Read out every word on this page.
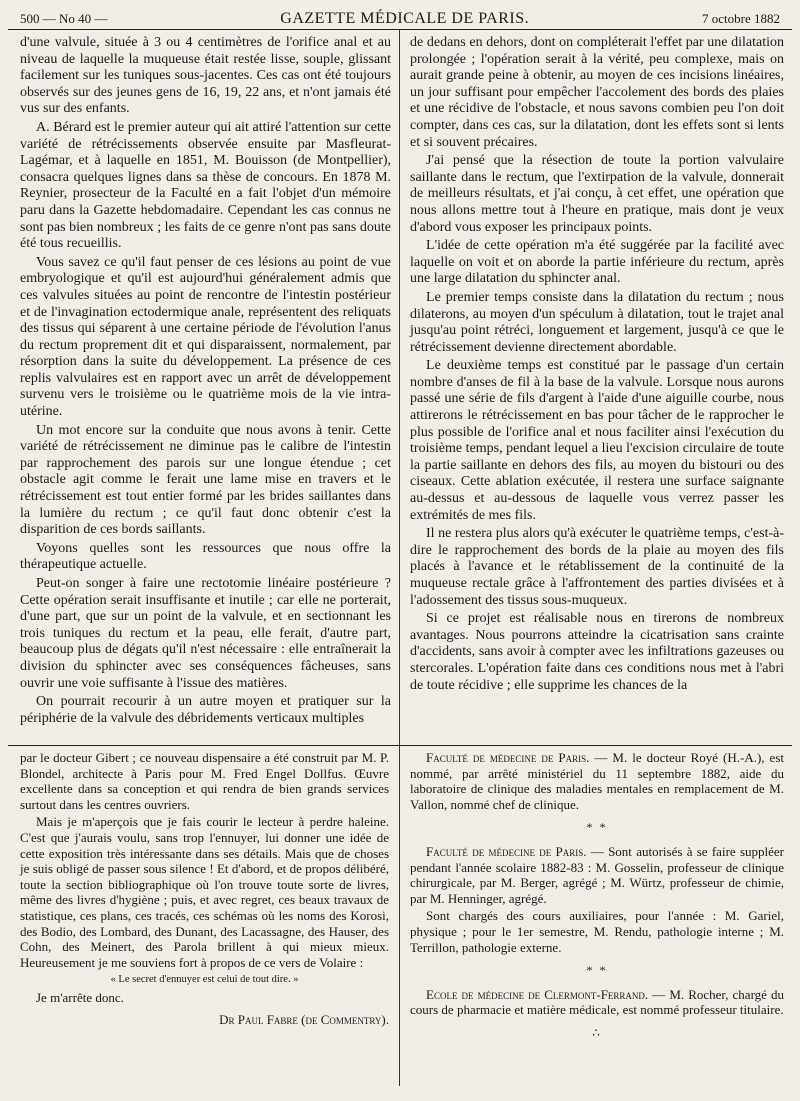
500 — No 40 —	GAZETTE MÉDICALE DE PARIS.	7 octobre 1882

d'une valvule, située à 3 ou 4 centimètres de l'orifice anal et au niveau de laquelle la muqueuse était restée lisse, souple, glissant facilement sur les tuniques sous-jacentes. Ces cas ont été toujours observés sur des jeunes gens de 16, 19, 22 ans, et n'ont jamais été vus sur des enfants.

A. Bérard est le premier auteur qui ait attiré l'attention sur cette variété de rétrécissements observée ensuite par Masfleurat-Lagémar, et à laquelle en 1851, M. Bouisson (de Montpellier), consacra quelques lignes dans sa thèse de concours. En 1878 M. Reynier, prosecteur de la Faculté en a fait l'objet d'un mémoire paru dans la Gazette hebdomadaire. Cependant les cas connus ne sont pas bien nombreux ; les faits de ce genre n'ont pas sans doute été tous recueillis.

Vous savez ce qu'il faut penser de ces lésions au point de vue embryologique et qu'il est aujourd'hui généralement admis que ces valvules situées au point de rencontre de l'intestin postérieur et de l'invagination ectodermique anale, représentent des reliquats des tissus qui séparent à une certaine période de l'évolution l'anus du rectum proprement dit et qui disparaissent, normalement, par résorption dans la suite du développement. La présence de ces replis valvulaires est en rapport avec un arrêt de développement survenu vers le troisième ou le quatrième mois de la vie intra-utérine.

Un mot encore sur la conduite que nous avons à tenir. Cette variété de rétrécissement ne diminue pas le calibre de l'intestin par rapprochement des parois sur une longue étendue ; cet obstacle agit comme le ferait une lame mise en travers et le rétrécissement est tout entier formé par les brides saillantes dans la lumière du rectum ; ce qu'il faut donc obtenir c'est la disparition de ces bords saillants.

Voyons quelles sont les ressources que nous offre la thérapeutique actuelle.

Peut-on songer à faire une rectotomie linéaire postérieure ? Cette opération serait insuffisante et inutile ; car elle ne porterait, d'une part, que sur un point de la valvule, et en sectionnant les trois tuniques du rectum et la peau, elle ferait, d'autre part, beaucoup plus de dégats qu'il n'est nécessaire : elle entraînerait la division du sphincter avec ses conséquences fâcheuses, sans ouvrir une voie suffisante à l'issue des matières.

On pourrait recourir à un autre moyen et pratiquer sur la périphérie de la valvule des débridements verticaux multiples

de dedans en dehors, dont on compléterait l'effet par une dilatation prolongée ; l'opération serait à la vérité, peu complexe, mais on aurait grande peine à obtenir, au moyen de ces incisions linéaires, un jour suffisant pour empêcher l'accolement des bords des plaies et une récidive de l'obstacle, et nous savons combien peu l'on doit compter, dans ces cas, sur la dilatation, dont les effets sont si lents et si souvent précaires.

J'ai pensé que la résection de toute la portion valvulaire saillante dans le rectum, que l'extirpation de la valvule, donnerait de meilleurs résultats, et j'ai conçu, à cet effet, une opération que nous allons mettre tout à l'heure en pratique, mais dont je veux d'abord vous exposer les principaux points.

L'idée de cette opération m'a été suggérée par la facilité avec laquelle on voit et on aborde la partie inférieure du rectum, après une large dilatation du sphincter anal.

Le premier temps consiste dans la dilatation du rectum ; nous dilaterons, au moyen d'un spéculum à dilatation, tout le trajet anal jusqu'au point rétréci, longuement et largement, jusqu'à ce que le rétrécissement devienne directement abordable.

Le deuxième temps est constitué par le passage d'un certain nombre d'anses de fil à la base de la valvule. Lorsque nous aurons passé une série de fils d'argent à l'aide d'une aiguille courbe, nous attirerons le rétrécissement en bas pour tâcher de le rapprocher le plus possible de l'orifice anal et nous faciliter ainsi l'exécution du troisième temps, pendant lequel a lieu l'excision circulaire de toute la partie saillante en dehors des fils, au moyen du bistouri ou des ciseaux. Cette ablation exécutée, il restera une surface saignante au-dessus et au-dessous de laquelle vous verrez passer les extrémités de mes fils.

Il ne restera plus alors qu'à exécuter le quatrième temps, c'est-à-dire le rapprochement des bords de la plaie au moyen des fils placés à l'avance et le rétablissement de la continuité de la muqueuse rectale grâce à l'affrontement des parties divisées et à l'adossement des tissus sous-muqueux.

Si ce projet est réalisable nous en tirerons de nombreux avantages. Nous pourrons atteindre la cicatrisation sans crainte d'accidents, sans avoir à compter avec les infiltrations gazeuses ou stercorales. L'opération faite dans ces conditions nous met à l'abri de toute récidive ; elle supprime les chances de la

par le docteur Gibert ; ce nouveau dispensaire a été construit par M. P. Blondel, architecte à Paris pour M. Fred Engel Dollfus. Œuvre excellente dans sa conception et qui rendra de bien grands services surtout dans les centres ouvriers.

Mais je m'aperçois que je fais courir le lecteur à perdre haleine. C'est que j'aurais voulu, sans trop l'ennuyer, lui donner une idée de cette exposition très intéressante dans ses détails. Mais que de choses je suis obligé de passer sous silence ! Et d'abord, et de propos délibéré, toute la section bibliographique où l'on trouve toute sorte de livres, même des livres d'hygiène ; puis, et avec regret, ces beaux travaux de statistique, ces plans, ces tracés, ces schémas où les noms des Korosi, des Bodio, des Lombard, des Dunant, des Lacassagne, des Hauser, des Cohn, des Meinert, des Parola brillent à qui mieux mieux. Heureusement je me souviens fort à propos de ce vers de Volaire :

« Le secret d'ennuyer est celui de tout dire. »

Je m'arrête donc.

Dr Paul Fabre (de Commentry).

Faculté de médecine de Paris. — M. le docteur Royé (H.-A.), est nommé, par arrêté ministériel du 11 septembre 1882, aide du laboratoire de clinique des maladies mentales en remplacement de M. Vallon, nommé chef de clinique.

* *

Faculté de médecine de Paris. — Sont autorisés à se faire suppléer pendant l'année scolaire 1882-83 : M. Gosselin, professeur de clinique chirurgicale, par M. Berger, agrégé ; M. Würtz, professeur de chimie, par M. Henninger, agrégé.

Sont chargés des cours auxiliaires, pour l'année : M. Gariel, physique ; pour le 1er semestre, M. Rendu, pathologie interne ; M. Terrillon, pathologie externe.

* *

Ecole de médecine de Clermont-Ferrand. — M. Rocher, chargé du cours de pharmacie et matière médicale, est nommé professeur titulaire.

∴
